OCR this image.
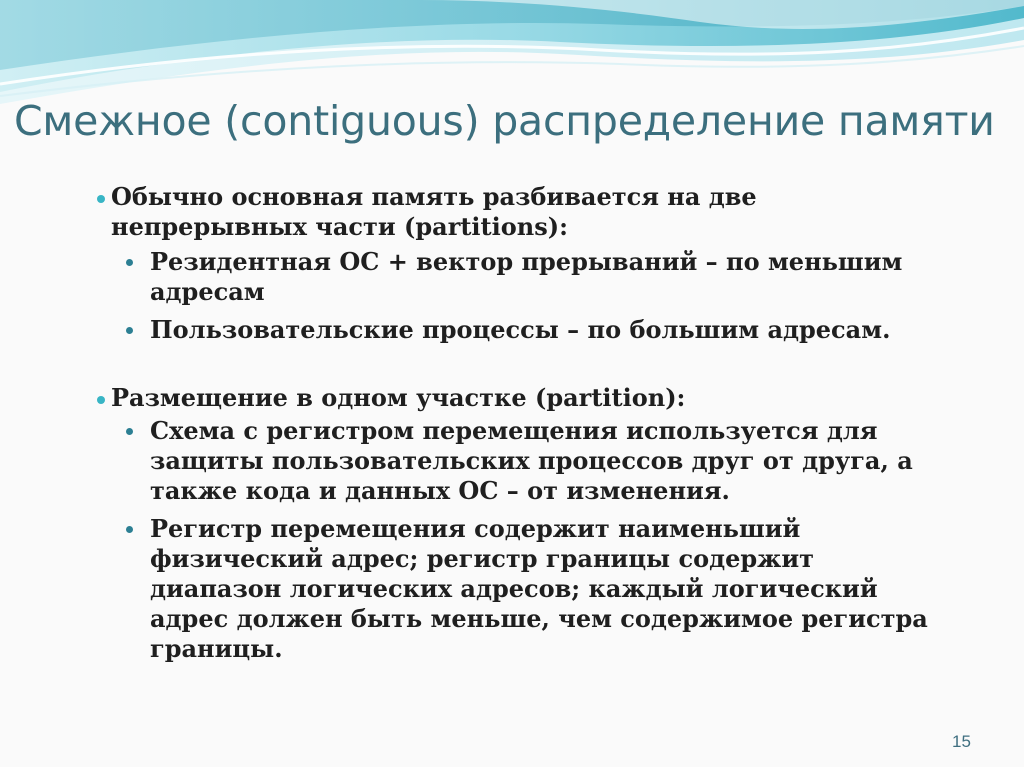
Смежное (contiguous) распределение памяти

Обычно основная память разбивается на две непрерывных части (partitions):

Резидентная ОС + вектор прерываний – по меньшим адресам

Пользовательские процессы – по большим адресам.

Размещение в одном участке (partition):

Схема с регистром перемещения используется для защиты пользовательских процессов друг от друга, а также кода и данных ОС – от изменения.

Регистр перемещения содержит наименьший физический адрес; регистр границы содержит диапазон логических адресов; каждый логический адрес должен быть меньше, чем содержимое регистра границы.

15
